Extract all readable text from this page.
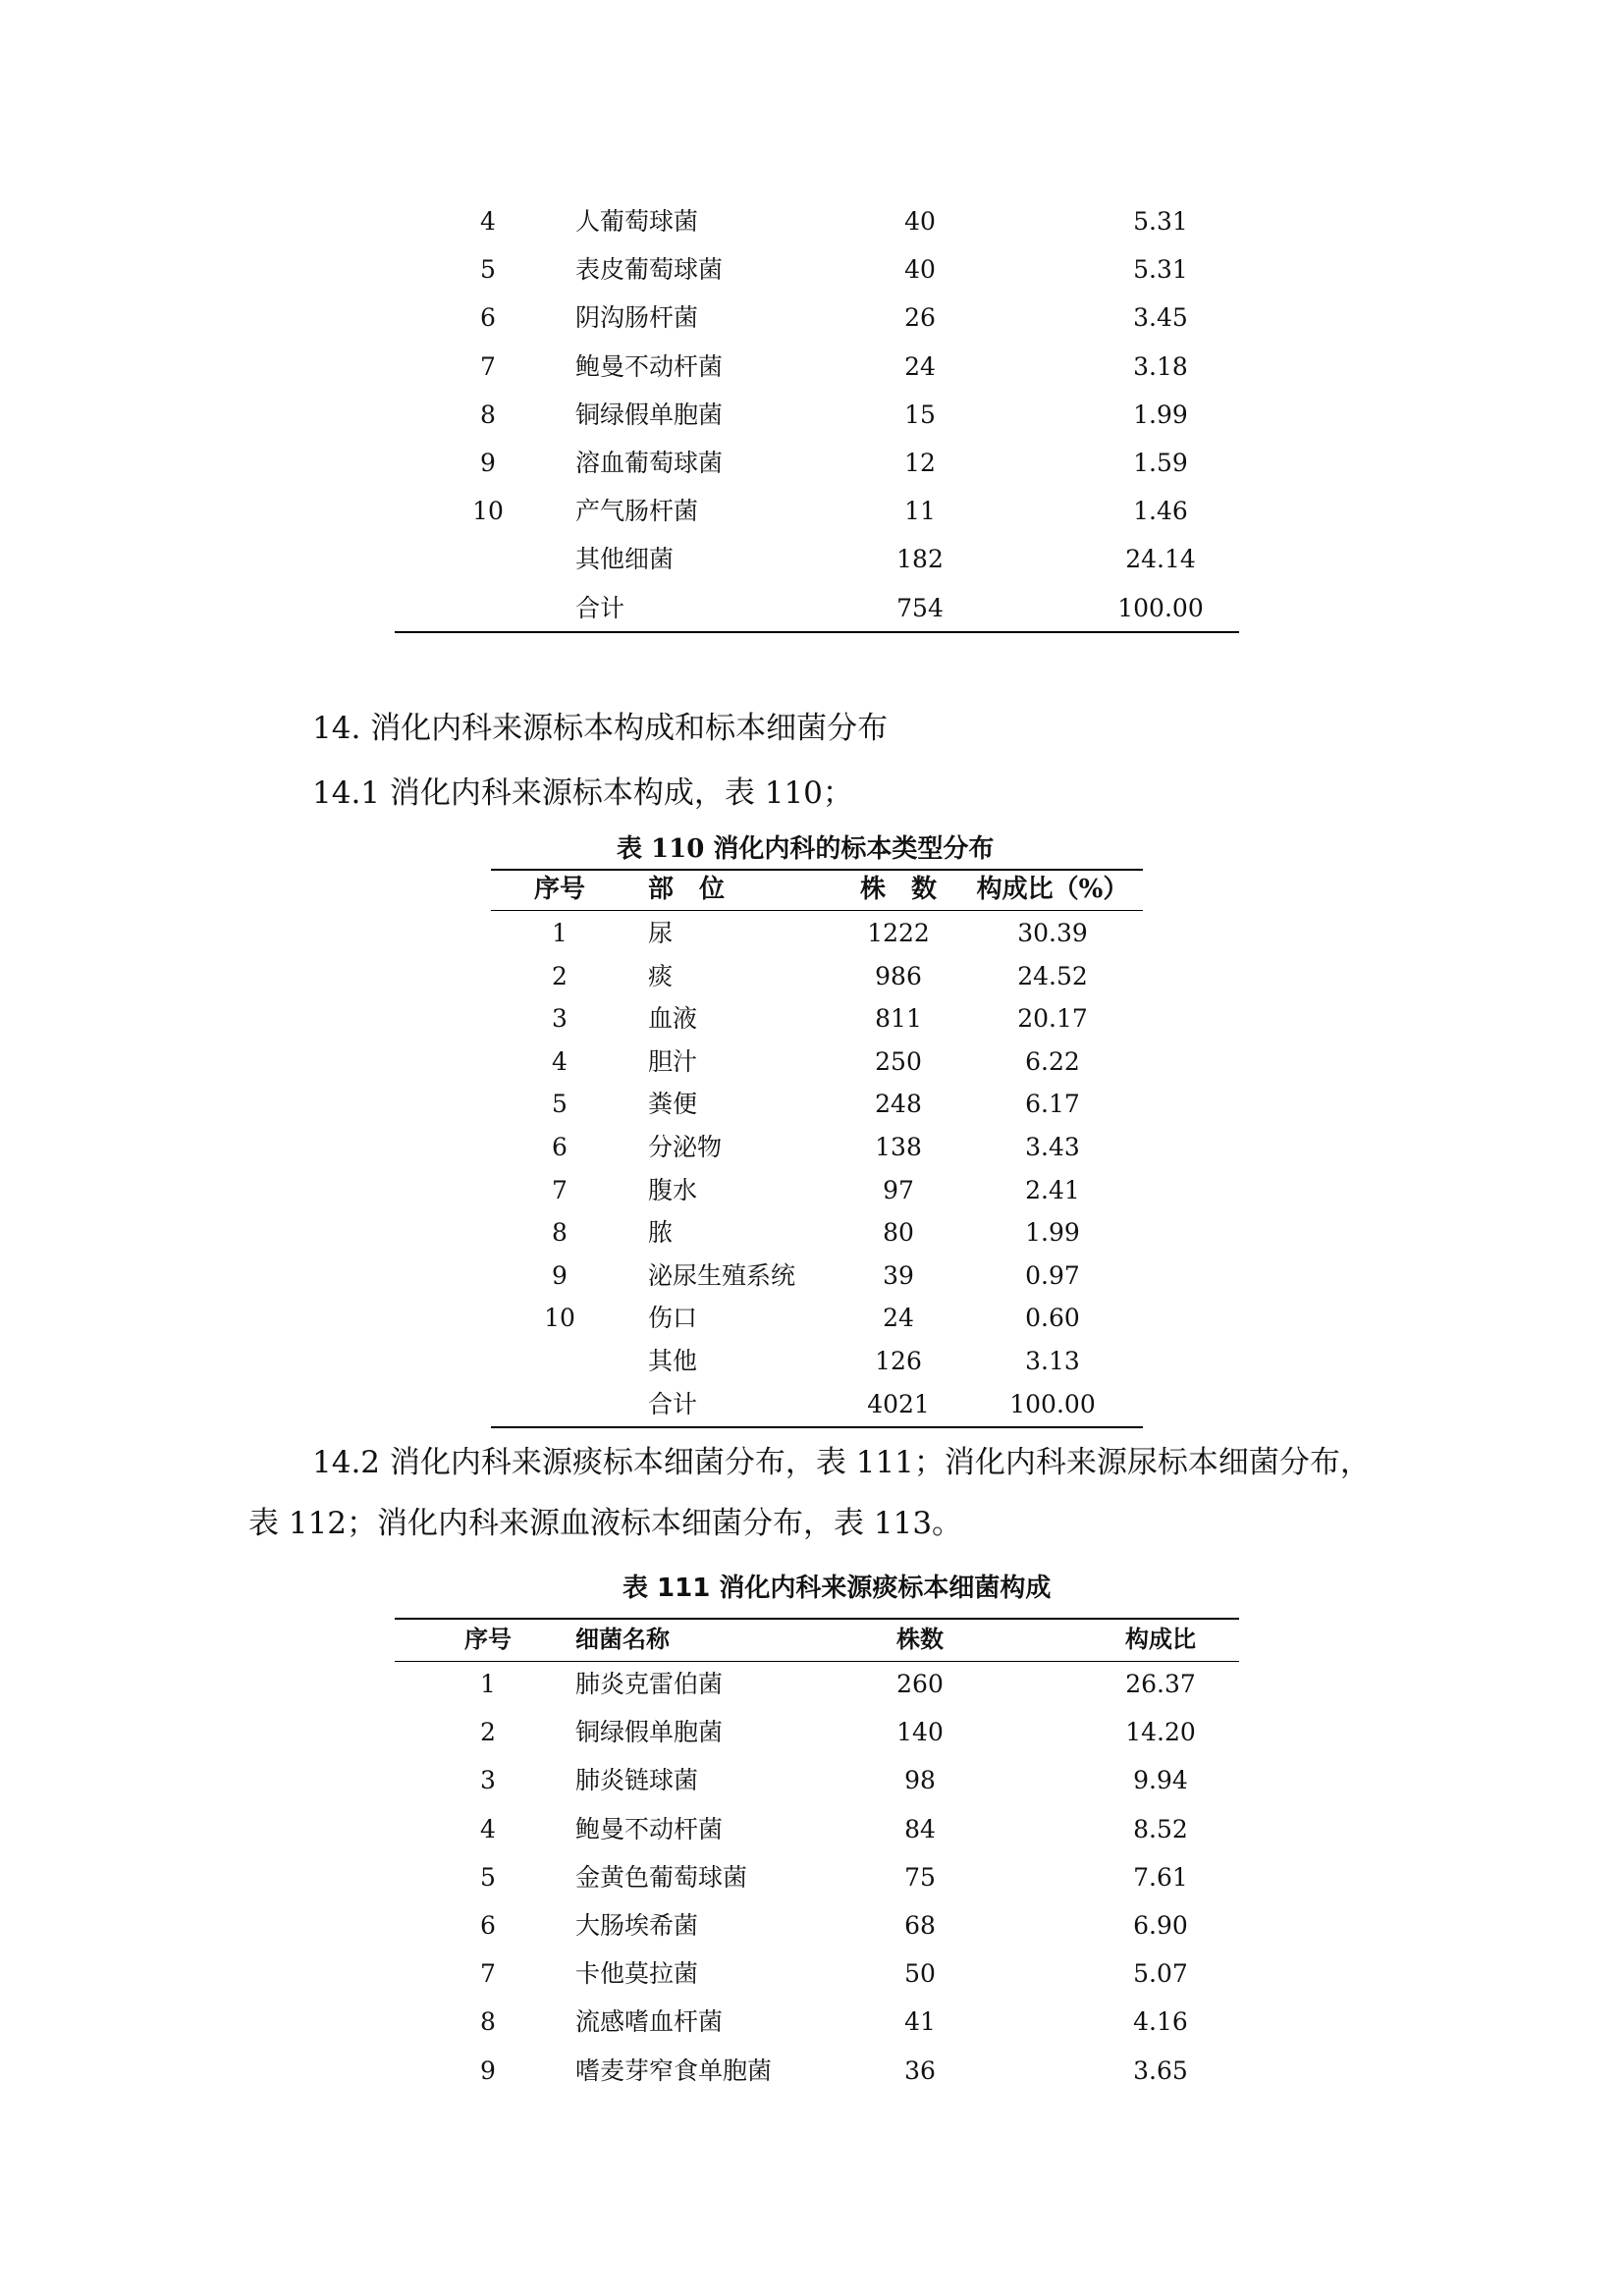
4	人葡萄球菌	40	5.31
5	表皮葡萄球菌	40	5.31
6	阴沟肠杆菌	26	3.45
7	鲍曼不动杆菌	24	3.18
8	铜绿假单胞菌	15	1.99
9	溶血葡萄球菌	12	1.59
10	产气肠杆菌	11	1.46
其他细菌	182	24.14
合计	754	100.00
14. 消化内科来源标本构成和标本细菌分布
14.1 消化内科来源标本构成，表 110；
表 110 消化内科的标本类型分布
序号	部　位	株　数	构成比（%）
1	尿	1222	30.39
2	痰	986	24.52
3	血液	811	20.17
4	胆汁	250	6.22
5	粪便	248	6.17
6	分泌物	138	3.43
7	腹水	97	2.41
8	脓	80	1.99
9	泌尿生殖系统	39	0.97
10	伤口	24	0.60
其他	126	3.13
合计	4021	100.00
14.2 消化内科来源痰标本细菌分布，表 111；消化内科来源尿标本细菌分布，
表 112；消化内科来源血液标本细菌分布，表 113。
表 111 消化内科来源痰标本细菌构成
序号	细菌名称	株数	构成比
1	肺炎克雷伯菌	260	26.37
2	铜绿假单胞菌	140	14.20
3	肺炎链球菌	98	9.94
4	鲍曼不动杆菌	84	8.52
5	金黄色葡萄球菌	75	7.61
6	大肠埃希菌	68	6.90
7	卡他莫拉菌	50	5.07
8	流感嗜血杆菌	41	4.16
9	嗜麦芽窄食单胞菌	36	3.65
